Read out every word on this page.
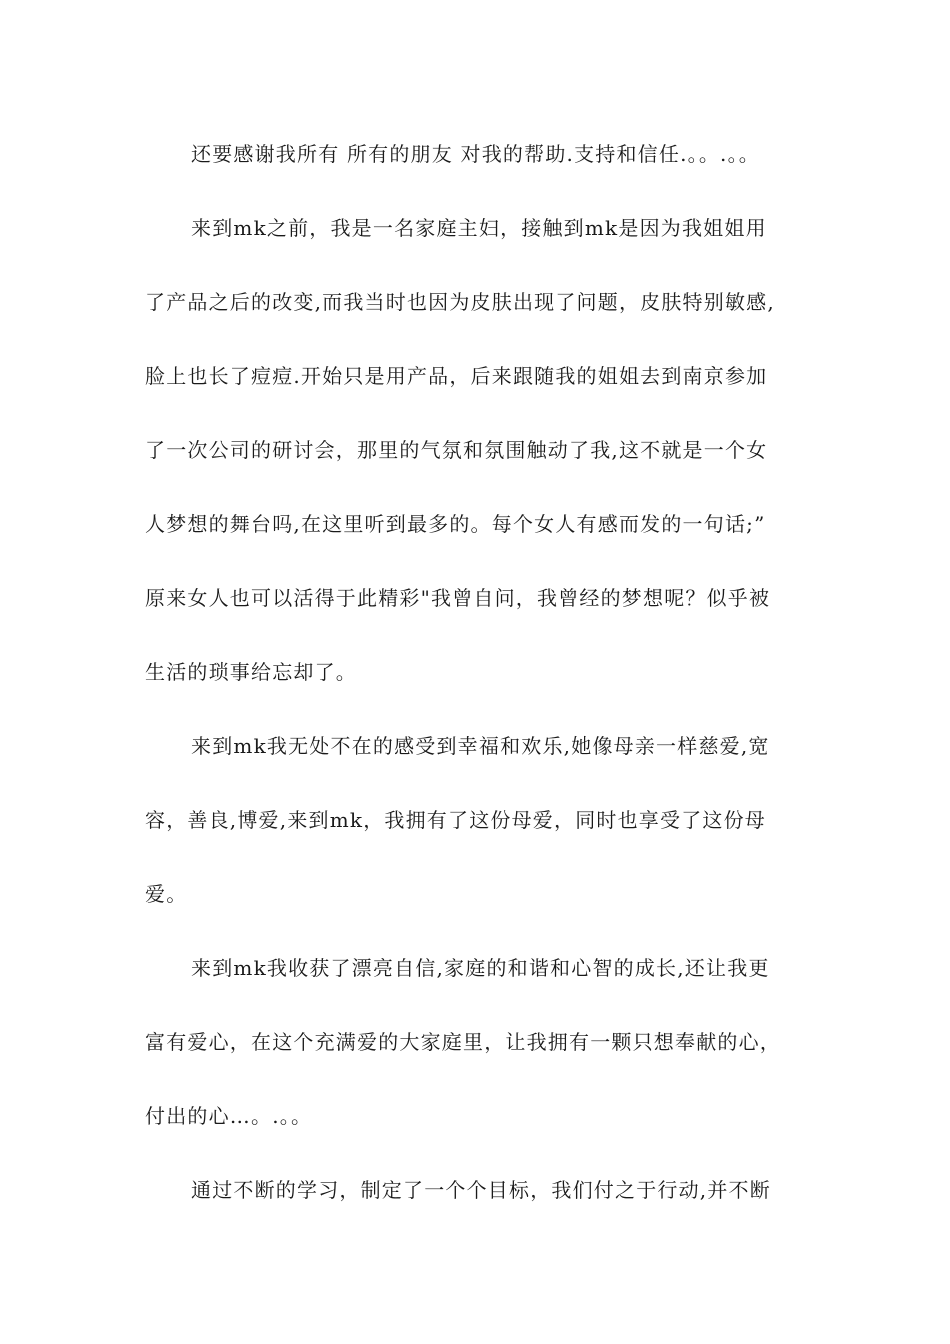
还要感谢我所有 所有的朋友 对我的帮助.支持和信任.。。.。。
来到mk之前，我是一名家庭主妇，接触到mk是因为我姐姐用
了产品之后的改变,而我当时也因为皮肤出现了问题，皮肤特别敏感,
脸上也长了痘痘.开始只是用产品，后来跟随我的姐姐去到南京参加
了一次公司的研讨会，那里的气氛和氛围触动了我,这不就是一个女
人梦想的舞台吗,在这里听到最多的。每个女人有感而发的一句话;”
原来女人也可以活得于此精彩"我曾自问，我曾经的梦想呢？似乎被
生活的琐事给忘却了。
来到mk我无处不在的感受到幸福和欢乐,她像母亲一样慈爱,宽
容，善良,博爱,来到mk，我拥有了这份母爱，同时也享受了这份母
爱。
来到mk我收获了漂亮自信,家庭的和谐和心智的成长,还让我更
富有爱心，在这个充满爱的大家庭里，让我拥有一颗只想奉献的心，
付出的心…。.。。
通过不断的学习，制定了一个个目标，我们付之于行动,并不断
